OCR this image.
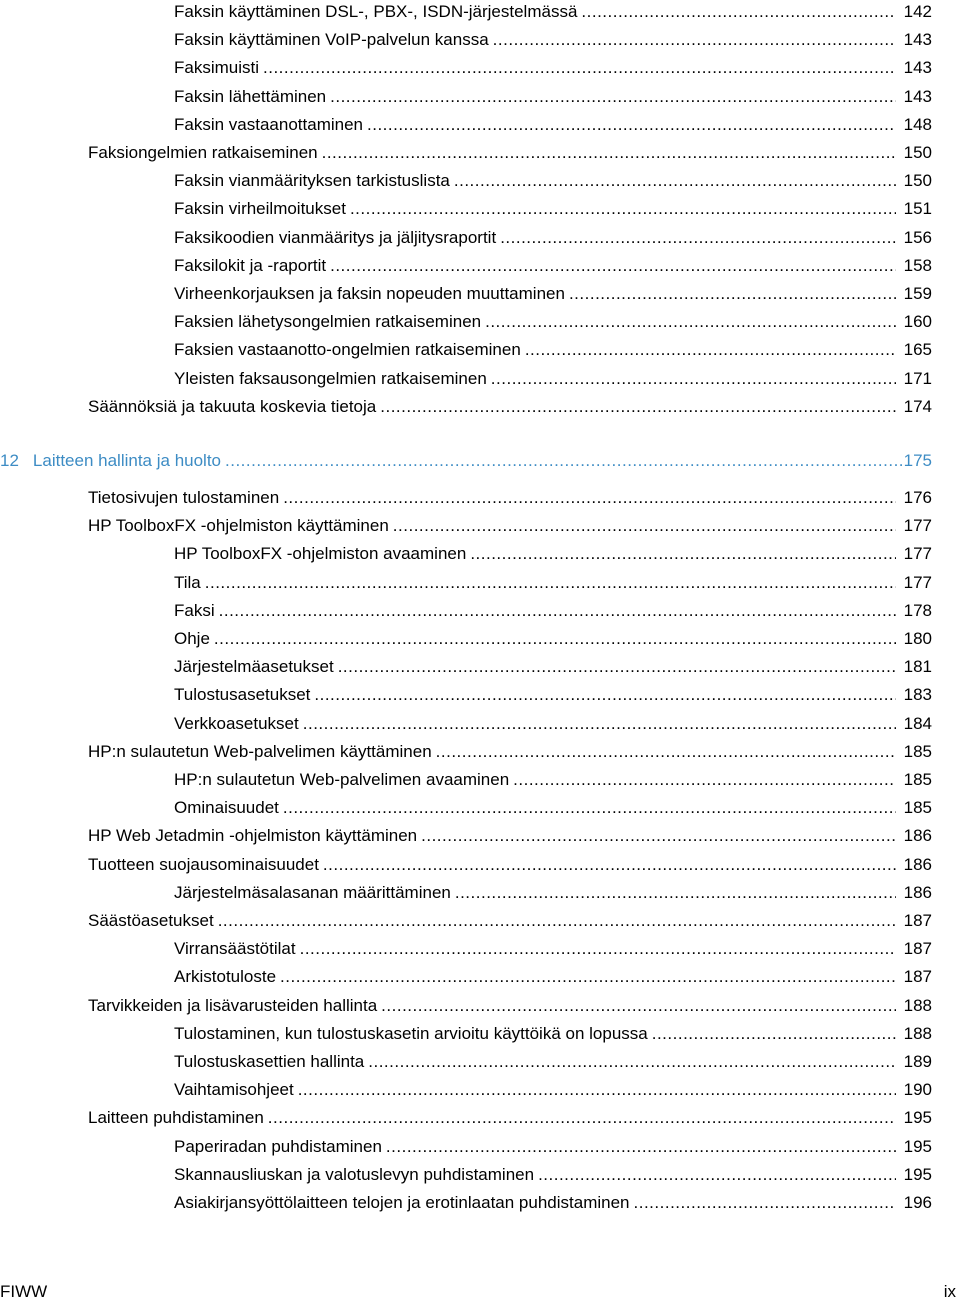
Faksin käyttäminen DSL-, PBX-, ISDN-järjestelmässä .....	142
Faksin käyttäminen VoIP-palvelun kanssa .....	143
Faksimuisti .....	143
Faksin lähettäminen .....	143
Faksin vastaanottaminen .....	148
Faksiongelmien ratkaiseminen .....	150
Faksin vianmäärityksen tarkistuslista .....	150
Faksin virheilmoitukset .....	151
Faksikoodien vianmääritys ja jäljitysraportit .....	156
Faksilokit ja -raportit .....	158
Virheenkorjauksen ja faksin nopeuden muuttaminen .....	159
Faksien lähetysongelmien ratkaiseminen .....	160
Faksien vastaanotto-ongelmien ratkaiseminen .....	165
Yleisten faksausongelmien ratkaiseminen .....	171
Säännöksiä ja takuuta koskevia tietoja .....	174
12 Laitteen hallinta ja huolto .....	175
Tietosivujen tulostaminen .....	176
HP ToolboxFX -ohjelmiston käyttäminen .....	177
HP ToolboxFX -ohjelmiston avaaminen .....	177
Tila .....	177
Faksi .....	178
Ohje .....	180
Järjestelmäasetukset .....	181
Tulostusasetukset .....	183
Verkkoasetukset .....	184
HP:n sulautetun Web-palvelimen käyttäminen .....	185
HP:n sulautetun Web-palvelimen avaaminen .....	185
Ominaisuudet .....	185
HP Web Jetadmin -ohjelmiston käyttäminen .....	186
Tuotteen suojausominaisuudet .....	186
Järjestelmäsalasanan määrittäminen .....	186
Säästöasetukset .....	187
Virransäästötilat .....	187
Arkistotuloste .....	187
Tarvikkeiden ja lisävarusteiden hallinta .....	188
Tulostaminen, kun tulostuskasetin arvioitu käyttöikä on lopussa .....	188
Tulostuskasettien hallinta .....	189
Vaihtamisohjeet .....	190
Laitteen puhdistaminen .....	195
Paperiradan puhdistaminen .....	195
Skannausliuskan ja valotuslevyn puhdistaminen .....	195
Asiakirjansyöttölaitteen telojen ja erotinlaatan puhdistaminen .....	196
FIWW	ix
